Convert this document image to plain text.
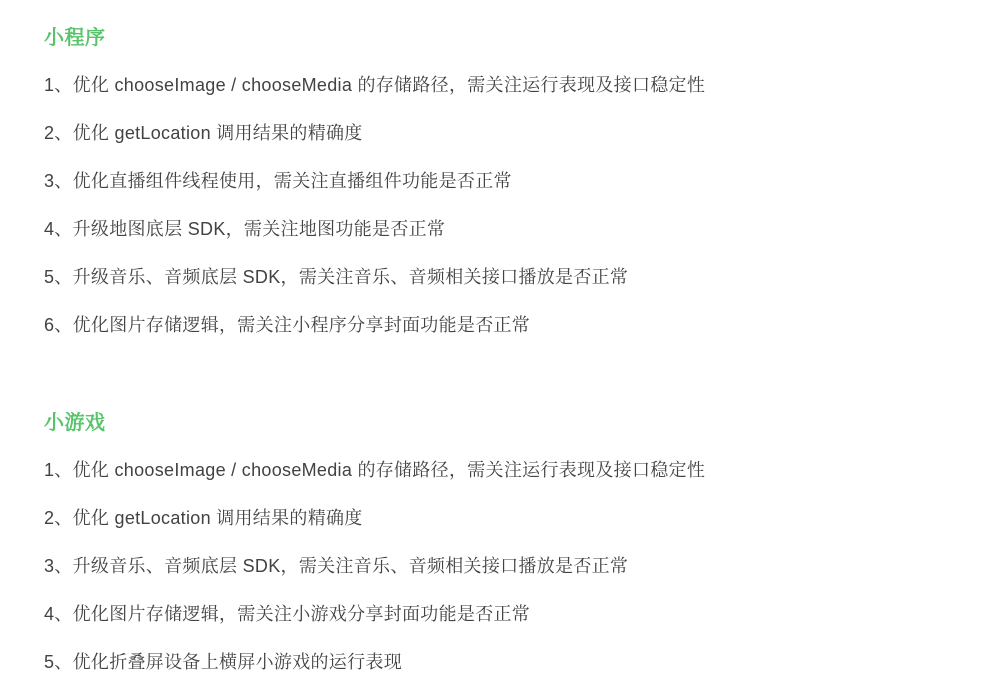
小程序
1、优化 chooseImage / chooseMedia 的存储路径，需关注运行表现及接口稳定性
2、优化 getLocation 调用结果的精确度
3、优化直播组件线程使用，需关注直播组件功能是否正常
4、升级地图底层 SDK，需关注地图功能是否正常
5、升级音乐、音频底层 SDK，需关注音乐、音频相关接口播放是否正常
6、优化图片存储逻辑，需关注小程序分享封面功能是否正常
小游戏
1、优化 chooseImage / chooseMedia 的存储路径，需关注运行表现及接口稳定性
2、优化 getLocation 调用结果的精确度
3、升级音乐、音频底层 SDK，需关注音乐、音频相关接口播放是否正常
4、优化图片存储逻辑，需关注小游戏分享封面功能是否正常
5、优化折叠屏设备上横屏小游戏的运行表现
